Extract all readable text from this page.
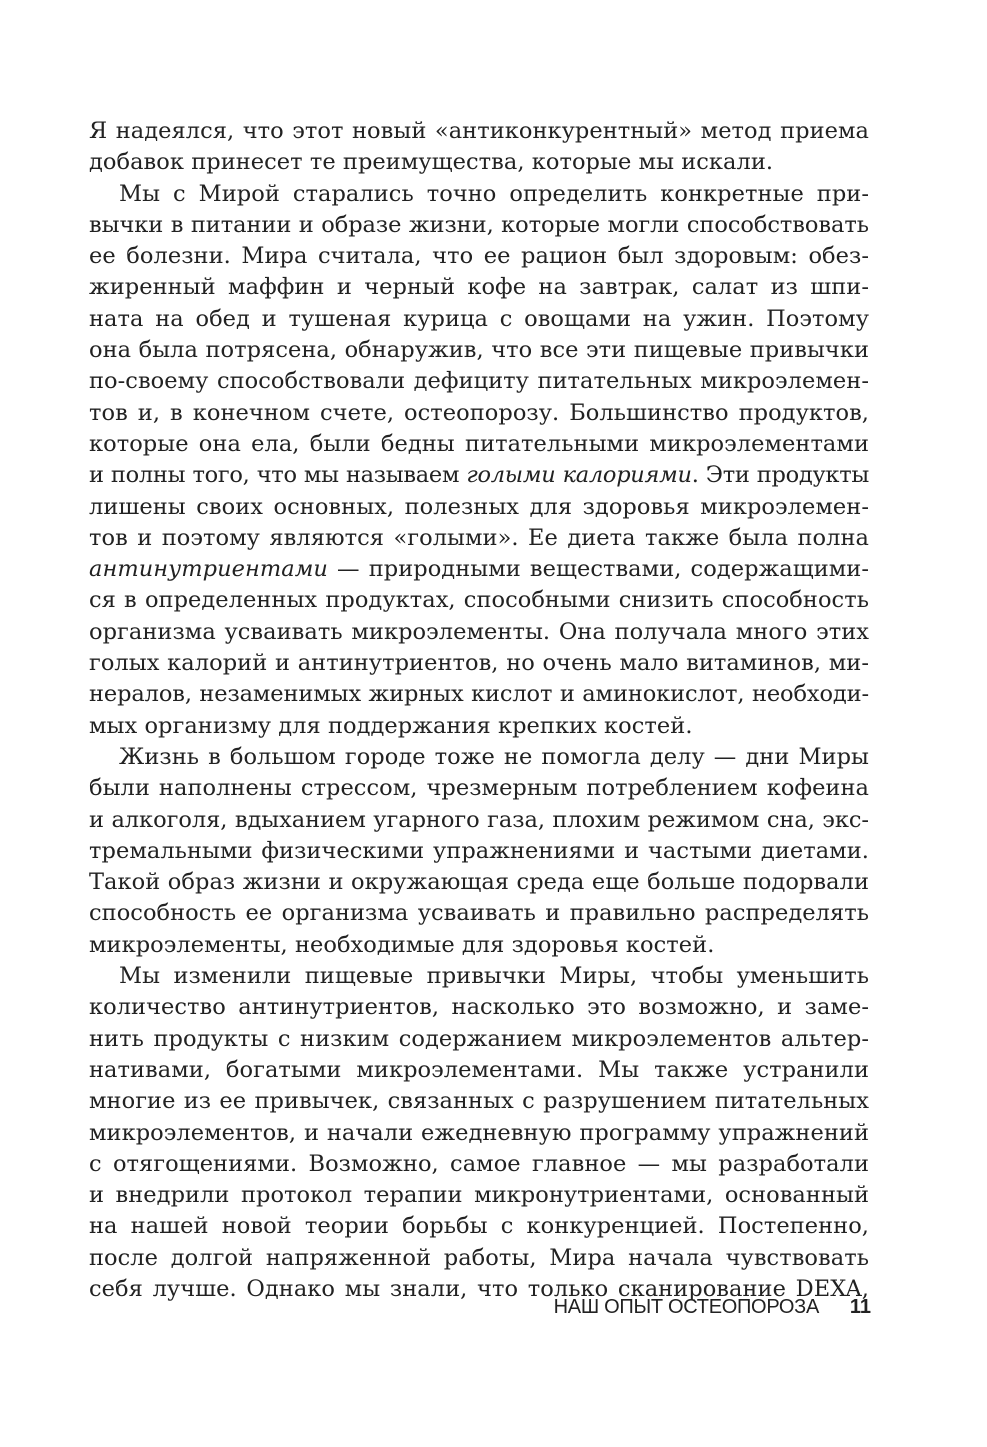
Я надеялся, что этот новый «антиконкурентный» метод приема
добавок принесет те преимущества, которые мы искали.
Мы с Мирой старались точно определить конкретные при-
вычки в питании и образе жизни, которые могли способствовать
ее болезни. Мира считала, что ее рацион был здоровым: обез-
жиренный маффин и черный кофе на завтрак, салат из шпи-
ната на обед и тушеная курица с овощами на ужин. Поэтому
она была потрясена, обнаружив, что все эти пищевые привычки
по-своему способствовали дефициту питательных микроэлемен-
тов и, в конечном счете, остеопорозу. Большинство продуктов,
которые она ела, были бедны питательными микроэлементами
и полны того, что мы называем голыми калориями. Эти продукты
лишены своих основных, полезных для здоровья микроэлемен-
тов и поэтому являются «голыми». Ее диета также была полна
антинутриентами — природными веществами, содержащими-
ся в определенных продуктах, способными снизить способность
организма усваивать микроэлементы. Она получала много этих
голых калорий и антинутриентов, но очень мало витаминов, ми-
нералов, незаменимых жирных кислот и аминокислот, необходи-
мых организму для поддержания крепких костей.
Жизнь в большом городе тоже не помогла делу — дни Миры
были наполнены стрессом, чрезмерным потреблением кофеина
и алкоголя, вдыханием угарного газа, плохим режимом сна, экс-
тремальными физическими упражнениями и частыми диетами.
Такой образ жизни и окружающая среда еще больше подорвали
способность ее организма усваивать и правильно распределять
микроэлементы, необходимые для здоровья костей.
Мы изменили пищевые привычки Миры, чтобы уменьшить
количество антинутриентов, насколько это возможно, и заме-
нить продукты с низким содержанием микроэлементов альтер-
нативами, богатыми микроэлементами. Мы также устранили
многие из ее привычек, связанных с разрушением питательных
микроэлементов, и начали ежедневную программу упражнений
с отягощениями. Возможно, самое главное — мы разработали
и внедрили протокол терапии микронутриентами, основанный
на нашей новой теории борьбы с конкуренцией. Постепенно,
после долгой напряженной работы, Мира начала чувствовать
себя лучше. Однако мы знали, что только сканирование DEXA,
НАШ ОПЫТ ОСТЕОПОРОЗА 11
